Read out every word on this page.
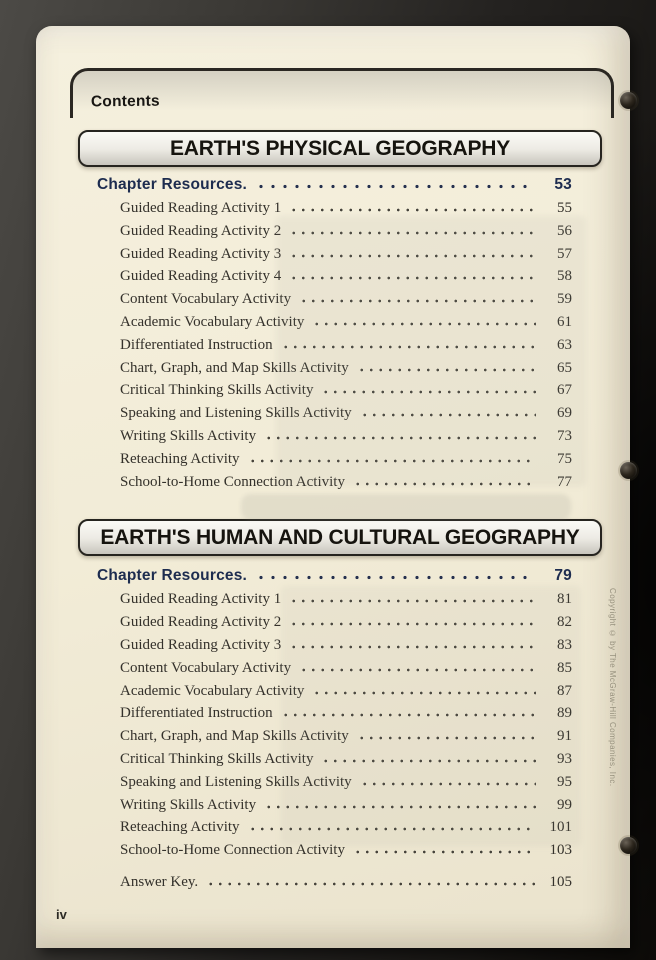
Contents
EARTH'S PHYSICAL GEOGRAPHY
Chapter Resources.	53
Guided Reading Activity 1	55
Guided Reading Activity 2	56
Guided Reading Activity 3	57
Guided Reading Activity 4	58
Content Vocabulary Activity	59
Academic Vocabulary Activity	61
Differentiated Instruction	63
Chart, Graph, and Map Skills Activity	65
Critical Thinking Skills Activity	67
Speaking and Listening Skills Activity	69
Writing Skills Activity	73
Reteaching Activity	75
School-to-Home Connection Activity	77
EARTH'S HUMAN AND CULTURAL GEOGRAPHY
Chapter Resources.	79
Guided Reading Activity 1	81
Guided Reading Activity 2	82
Guided Reading Activity 3	83
Content Vocabulary Activity	85
Academic Vocabulary Activity	87
Differentiated Instruction	89
Chart, Graph, and Map Skills Activity	91
Critical Thinking Skills Activity	93
Speaking and Listening Skills Activity	95
Writing Skills Activity	99
Reteaching Activity	101
School-to-Home Connection Activity	103
Answer Key.	105
iv
Copyright © by The McGraw-Hill Companies, Inc.
